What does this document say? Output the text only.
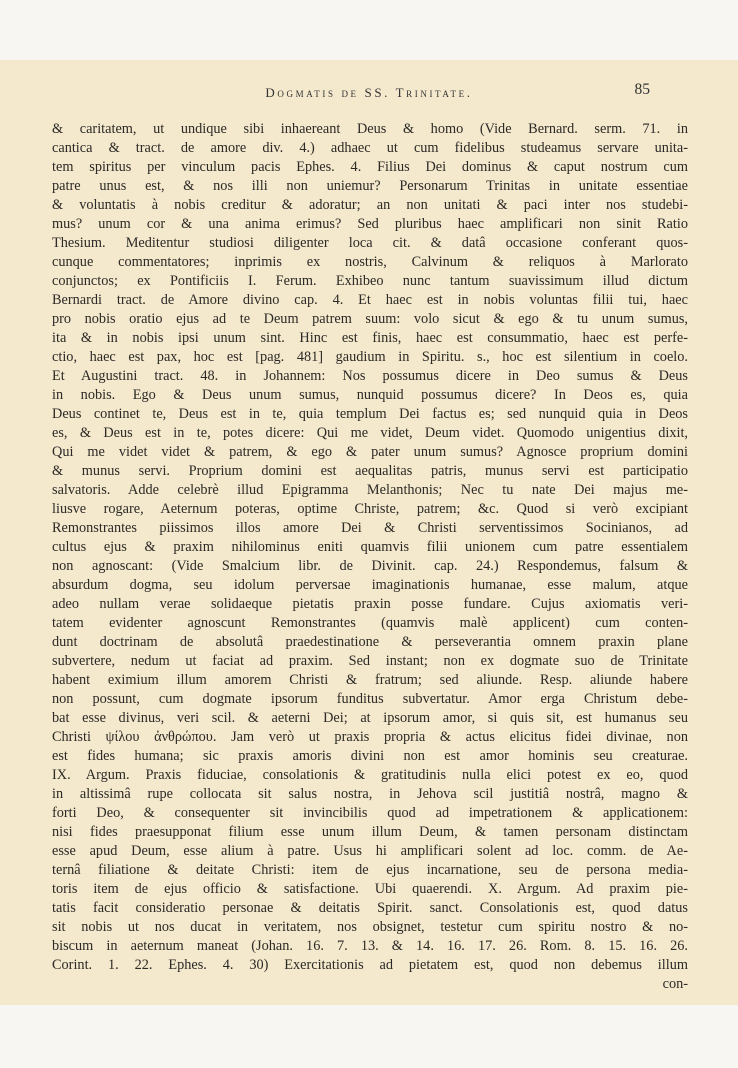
Dogmatis de SS. Trinitate.	85
& caritatem, ut undique sibi inhaereant Deus & homo (Vide Bernard. serm. 71. in
cantica & tract. de amore div. 4.) adhaec ut cum fidelibus studeamus servare unita-
tem spiritus per vinculum pacis Ephes. 4. Filius Dei dominus & caput nostrum cum
patre unus est, & nos illi non uniemur? Personarum Trinitas in unitate essentiae
& voluntatis à nobis creditur & adoratur; an non unitati & paci inter nos studebi-
mus? unum cor & una anima erimus? Sed pluribus haec amplificari non sinit Ratio
Thesium. Meditentur studiosi diligenter loca cit. & datâ occasione conferant quos-
cunque commentatores; inprimis ex nostris, Calvinum & reliquos à Marlorato
conjunctos; ex Pontificiis I. Ferum. Exhibeo nunc tantum suavissimum illud dictum
Bernardi tract. de Amore divino cap. 4. Et haec est in nobis voluntas filii tui, haec
pro nobis oratio ejus ad te Deum patrem suum: volo sicut & ego & tu unum sumus,
ita & in nobis ipsi unum sint. Hinc est finis, haec est consummatio, haec est perfe-
ctio, haec est pax, hoc est [pag. 481] gaudium in Spiritu. s., hoc est silentium in coelo.
Et Augustini tract. 48. in Johannem: Nos possumus dicere in Deo sumus & Deus
in nobis. Ego & Deus unum sumus, nunquid possumus dicere? In Deos es, quia
Deus continet te, Deus est in te, quia templum Dei factus es; sed nunquid quia in Deos
es, & Deus est in te, potes dicere: Qui me videt, Deum videt. Quomodo unigentius dixit,
Qui me videt videt & patrem, & ego & pater unum sumus? Agnosce proprium domini
& munus servi. Proprium domini est aequalitas patris, munus servi est participatio
salvatoris. Adde celebrè illud Epigramma Melanthonis; Nec tu nate Dei majus me-
liusve rogare, Aeternum poteras, optime Christe, patrem; &c. Quod si verò excipiant
Remonstrantes piissimos illos amore Dei & Christi serventissimos Socinianos, ad
cultus ejus & praxim nihilominus eniti quamvis filii unionem cum patre essentialem
non agnoscant: (Vide Smalcium libr. de Divinit. cap. 24.) Respondemus, falsum &
absurdum dogma, seu idolum perversae imaginationis humanae, esse malum, atque
adeo nullam verae solidaeque pietatis praxin posse fundare. Cujus axiomatis veri-
tatem evidenter agnoscunt Remonstrantes (quamvis malè applicent) cum conten-
dunt doctrinam de absolutâ praedestinatione & perseverantia omnem praxin plane
subvertere, nedum ut faciat ad praxim. Sed instant; non ex dogmate suo de Trinitate
habent eximium illum amorem Christi & fratrum; sed aliunde. Resp. aliunde habere
non possunt, cum dogmate ipsorum funditus subvertatur. Amor erga Christum debe-
bat esse divinus, veri scil. & aeterni Dei; at ipsorum amor, si quis sit, est humanus seu
Christi ψίλου ἀνθρώπου. Jam verò ut praxis propria & actus elicitus fidei divinae, non
est fides humana; sic praxis amoris divini non est amor hominis seu creaturae.
IX. Argum. Praxis fiduciae, consolationis & gratitudinis nulla elici potest ex eo, quod
in altissimâ rupe collocata sit salus nostra, in Jehova scil justitiâ nostrâ, magno &
forti Deo, & consequenter sit invincibilis quod ad impetrationem & applicationem:
nisi fides praesupponat filium esse unum illum Deum, & tamen personam distinctam
esse apud Deum, esse alium à patre. Usus hi amplificari solent ad loc. comm. de Ae-
ternâ filiatione & deitate Christi: item de ejus incarnatione, seu de persona media-
toris item de ejus officio & satisfactione. Ubi quaerendi. X. Argum. Ad praxim pie-
tatis facit consideratio personae & deitatis Spirit. sanct. Consolationis est, quod datus
sit nobis ut nos ducat in veritatem, nos obsignet, testetur cum spiritu nostro & no-
biscum in aeternum maneat (Johan. 16. 7. 13. & 14. 16. 17. 26. Rom. 8. 15. 16. 26.
Corint. 1. 22. Ephes. 4. 30) Exercitationis ad pietatem est, quod non debemus illum
con-
